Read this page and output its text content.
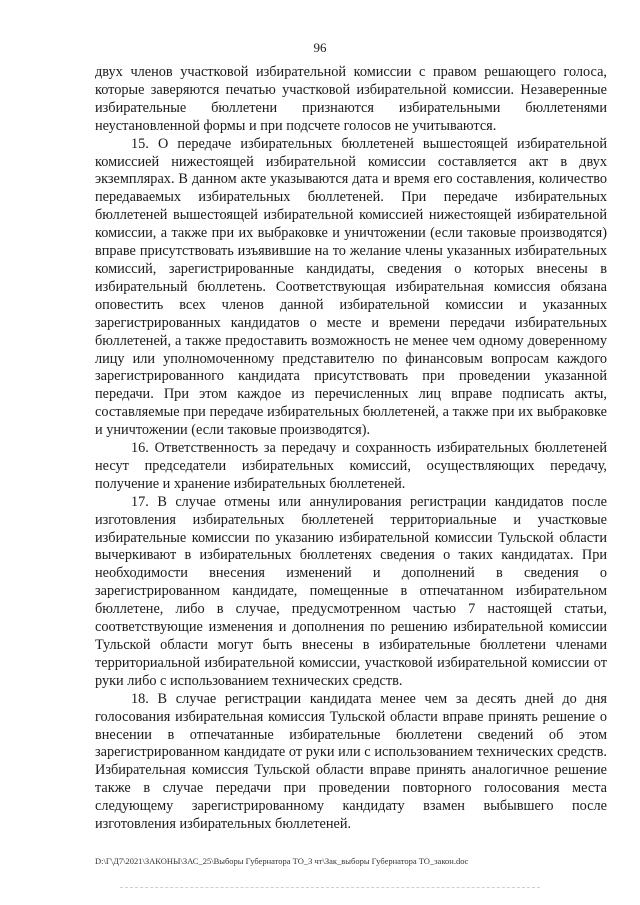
96

двух членов участковой избирательной комиссии с правом решающего голоса, которые заверяются печатью участковой избирательной комиссии. Незаверенные избирательные бюллетени признаются избирательными бюллетенями неустановленной формы и при подсчете голосов не учитываются.

15. О передаче избирательных бюллетеней вышестоящей избирательной комиссией нижестоящей избирательной комиссии составляется акт в двух экземплярах. В данном акте указываются дата и время его составления, количество передаваемых избирательных бюллетеней. При передаче избирательных бюллетеней вышестоящей избирательной комиссией нижестоящей избирательной комиссии, а также при их выбраковке и уничтожении (если таковые производятся) вправе присутствовать изъявившие на то желание члены указанных избирательных комиссий, зарегистрированные кандидаты, сведения о которых внесены в избирательный бюллетень. Соответствующая избирательная комиссия обязана оповестить всех членов данной избирательной комиссии и указанных зарегистрированных кандидатов о месте и времени передачи избирательных бюллетеней, а также предоставить возможность не менее чем одному доверенному лицу или уполномоченному представителю по финансовым вопросам каждого зарегистрированного кандидата присутствовать при проведении указанной передачи. При этом каждое из перечисленных лиц вправе подписать акты, составляемые при передаче избирательных бюллетеней, а также при их выбраковке и уничтожении (если таковые производятся).

16. Ответственность за передачу и сохранность избирательных бюллетеней несут председатели избирательных комиссий, осуществляющих передачу, получение и хранение избирательных бюллетеней.

17. В случае отмены или аннулирования регистрации кандидатов после изготовления избирательных бюллетеней территориальные и участковые избирательные комиссии по указанию избирательной комиссии Тульской области вычеркивают в избирательных бюллетенях сведения о таких кандидатах. При необходимости внесения изменений и дополнений в сведения о зарегистрированном кандидате, помещенные в отпечатанном избирательном бюллетене, либо в случае, предусмотренном частью 7 настоящей статьи, соответствующие изменения и дополнения по решению избирательной комиссии Тульской области могут быть внесены в избирательные бюллетени членами территориальной избирательной комиссии, участковой избирательной комиссии от руки либо с использованием технических средств.

18. В случае регистрации кандидата менее чем за десять дней до дня голосования избирательная комиссия Тульской области вправе принять решение о внесении в отпечатанные избирательные бюллетени сведений об этом зарегистрированном кандидате от руки или с использованием технических средств. Избирательная комиссия Тульской области вправе принять аналогичное решение также в случае передачи при проведении повторного голосования места следующему зарегистрированному кандидату взамен выбывшего после изготовления избирательных бюллетеней.

D:\Г\Д7\2021\ЗАКОНЫ\ЗАС_25\Выборы Губернатора ТО_3 чт\Зак_выборы Губернатора ТО_закон.doc
